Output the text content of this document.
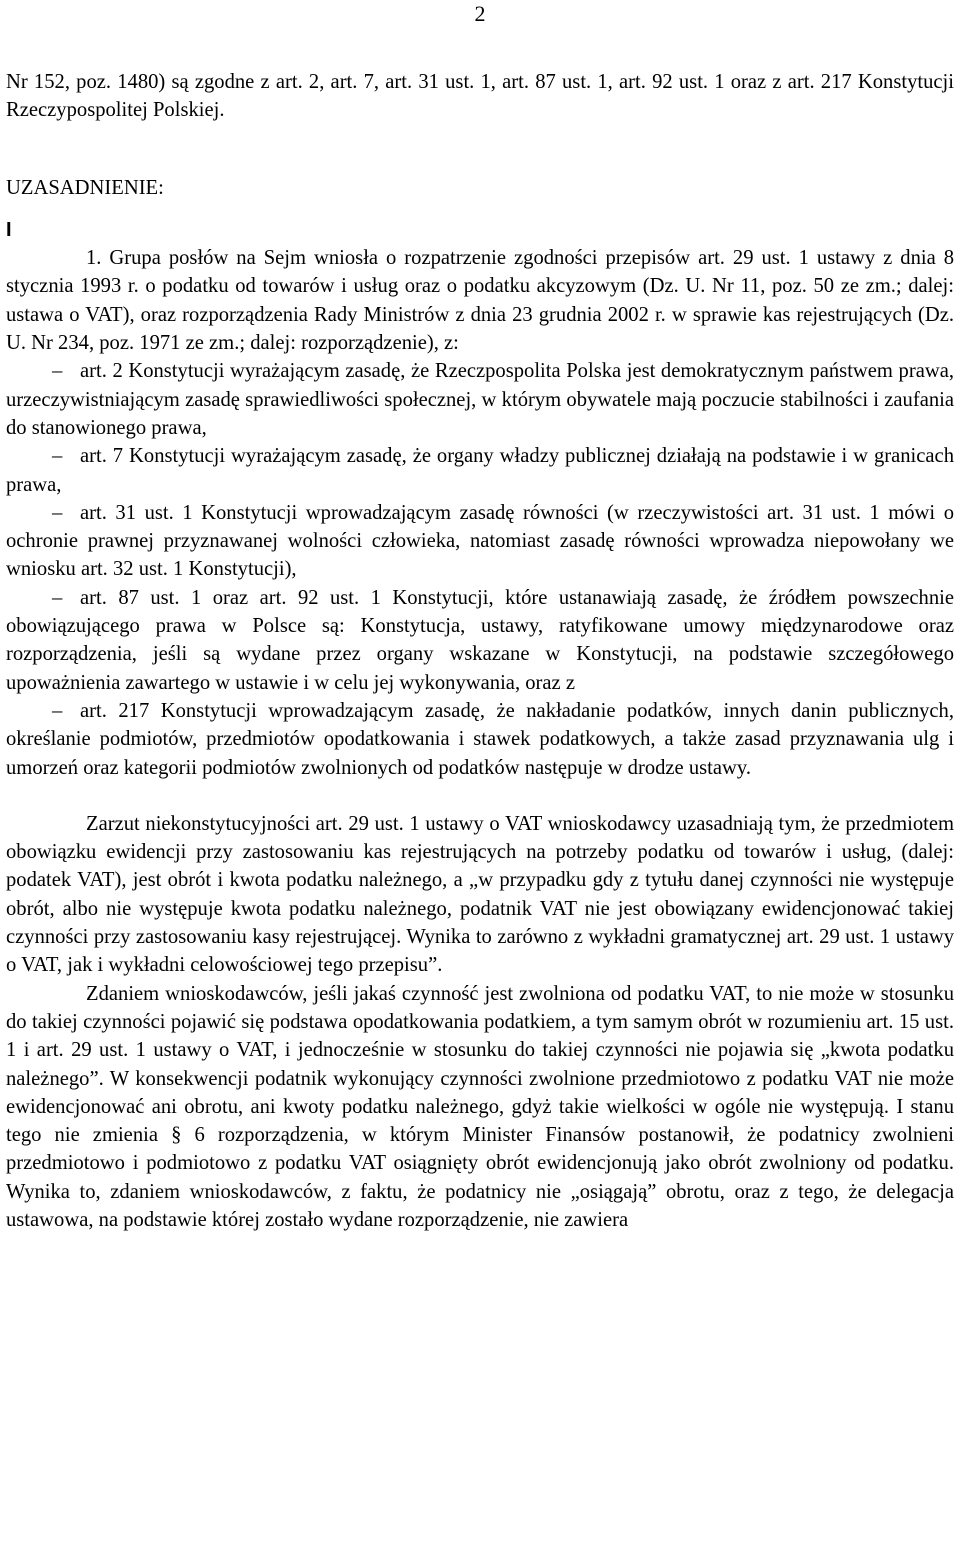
2

Nr 152, poz. 1480) są zgodne z art. 2, art. 7, art. 31 ust. 1, art. 87 ust. 1, art. 92 ust. 1 oraz z art. 217 Konstytucji Rzeczypospolitej Polskiej.

UZASADNIENIE:

I

1. Grupa posłów na Sejm wniosła o rozpatrzenie zgodności przepisów art. 29 ust. 1 ustawy z dnia 8 stycznia 1993 r. o podatku od towarów i usług oraz o podatku akcyzowym (Dz. U. Nr 11, poz. 50 ze zm.; dalej: ustawa o VAT), oraz rozporządzenia Rady Ministrów z dnia 23 grudnia 2002 r. w sprawie kas rejestrujących (Dz. U. Nr 234, poz. 1971 ze zm.; dalej: rozporządzenie), z:

– art. 2 Konstytucji wyrażającym zasadę, że Rzeczpospolita Polska jest demokratycznym państwem prawa, urzeczywistniającym zasadę sprawiedliwości społecznej, w którym obywatele mają poczucie stabilności i zaufania do stanowionego prawa,

– art. 7 Konstytucji wyrażającym zasadę, że organy władzy publicznej działają na podstawie i w granicach prawa,

– art. 31 ust. 1 Konstytucji wprowadzającym zasadę równości (w rzeczywistości art. 31 ust. 1 mówi o ochronie prawnej przyznawanej wolności człowieka, natomiast zasadę równości wprowadza niepowołany we wniosku art. 32 ust. 1 Konstytucji),

– art. 87 ust. 1 oraz art. 92 ust. 1 Konstytucji, które ustanawiają zasadę, że źródłem powszechnie obowiązującego prawa w Polsce są: Konstytucja, ustawy, ratyfikowane umowy międzynarodowe oraz rozporządzenia, jeśli są wydane przez organy wskazane w Konstytucji, na podstawie szczegółowego upoważnienia zawartego w ustawie i w celu jej wykonywania, oraz z

– art. 217 Konstytucji wprowadzającym zasadę, że nakładanie podatków, innych danin publicznych, określanie podmiotów, przedmiotów opodatkowania i stawek podatkowych, a także zasad przyznawania ulg i umorzeń oraz kategorii podmiotów zwolnionych od podatków następuje w drodze ustawy.

Zarzut niekonstytucyjności art. 29 ust. 1 ustawy o VAT wnioskodawcy uzasadniają tym, że przedmiotem obowiązku ewidencji przy zastosowaniu kas rejestrujących na potrzeby podatku od towarów i usług, (dalej: podatek VAT), jest obrót i kwota podatku należnego, a „w przypadku gdy z tytułu danej czynności nie występuje obrót, albo nie występuje kwota podatku należnego, podatnik VAT nie jest obowiązany ewidencjonować takiej czynności przy zastosowaniu kasy rejestrującej. Wynika to zarówno z wykładni gramatycznej art. 29 ust. 1 ustawy o VAT, jak i wykładni celowościowej tego przepisu”.

Zdaniem wnioskodawców, jeśli jakaś czynność jest zwolniona od podatku VAT, to nie może w stosunku do takiej czynności pojawić się podstawa opodatkowania podatkiem, a tym samym obrót w rozumieniu art. 15 ust. 1 i art. 29 ust. 1 ustawy o VAT, i jednocześnie w stosunku do takiej czynności nie pojawia się „kwota podatku należnego”. W konsekwencji podatnik wykonujący czynności zwolnione przedmiotowo z podatku VAT nie może ewidencjonować ani obrotu, ani kwoty podatku należnego, gdyż takie wielkości w ogóle nie występują. I stanu tego nie zmienia § 6 rozporządzenia, w którym Minister Finansów postanowił, że podatnicy zwolnieni przedmiotowo i podmiotowo z podatku VAT osiągnięty obrót ewidencjonują jako obrót zwolniony od podatku. Wynika to, zdaniem wnioskodawców, z faktu, że podatnicy nie „osiągają” obrotu, oraz z tego, że delegacja ustawowa, na podstawie której zostało wydane rozporządzenie, nie zawiera
